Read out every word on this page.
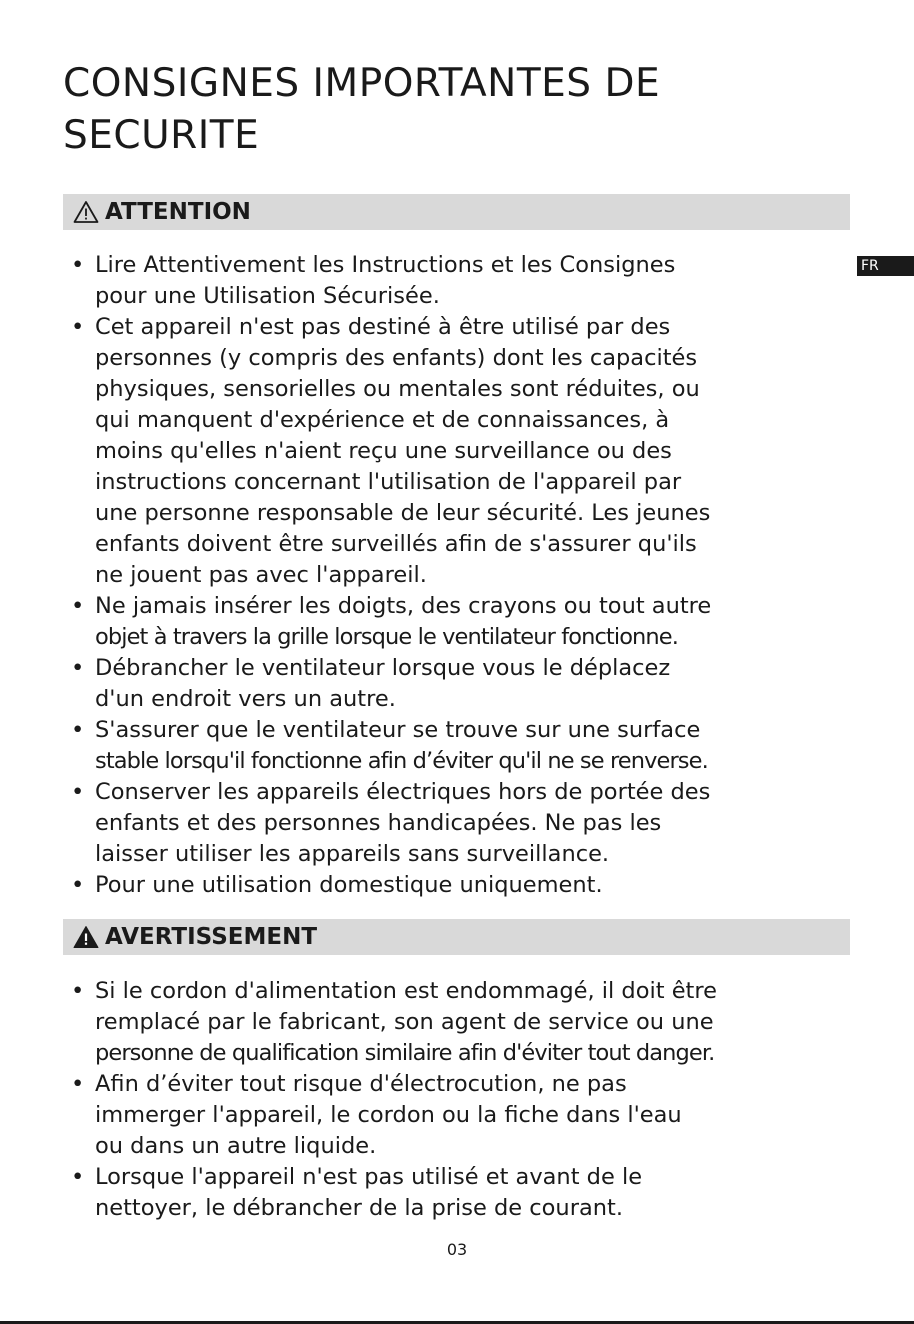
CONSIGNES IMPORTANTES DE
SECURITE
ATTENTION
FR
• Lire Attentivement les Instructions et les Consignes
pour une Utilisation Sécurisée.
• Cet appareil n'est pas destiné à être utilisé par des
personnes (y compris des enfants) dont les capacités
physiques, sensorielles ou mentales sont réduites, ou
qui manquent d'expérience et de connaissances, à
moins qu'elles n'aient reçu une surveillance ou des
instructions concernant l'utilisation de l'appareil par
une personne responsable de leur sécurité. Les jeunes
enfants doivent être surveillés afin de s'assurer qu'ils
ne jouent pas avec l'appareil.
• Ne jamais insérer les doigts, des crayons ou tout autre
objet à travers la grille lorsque le ventilateur fonctionne.
• Débrancher le ventilateur lorsque vous le déplacez
d'un endroit vers un autre.
• S'assurer que le ventilateur se trouve sur une surface
stable lorsqu'il fonctionne afin d’éviter qu'il ne se renverse.
• Conserver les appareils électriques hors de portée des
enfants et des personnes handicapées. Ne pas les
laisser utiliser les appareils sans surveillance.
• Pour une utilisation domestique uniquement.
AVERTISSEMENT
• Si le cordon d'alimentation est endommagé, il doit être
remplacé par le fabricant, son agent de service ou une
personne de qualification similaire afin d'éviter tout danger.
• Afin d’éviter tout risque d'électrocution, ne pas
immerger l'appareil, le cordon ou la fiche dans l'eau
ou dans un autre liquide.
• Lorsque l'appareil n'est pas utilisé et avant de le
nettoyer, le débrancher de la prise de courant.
03
